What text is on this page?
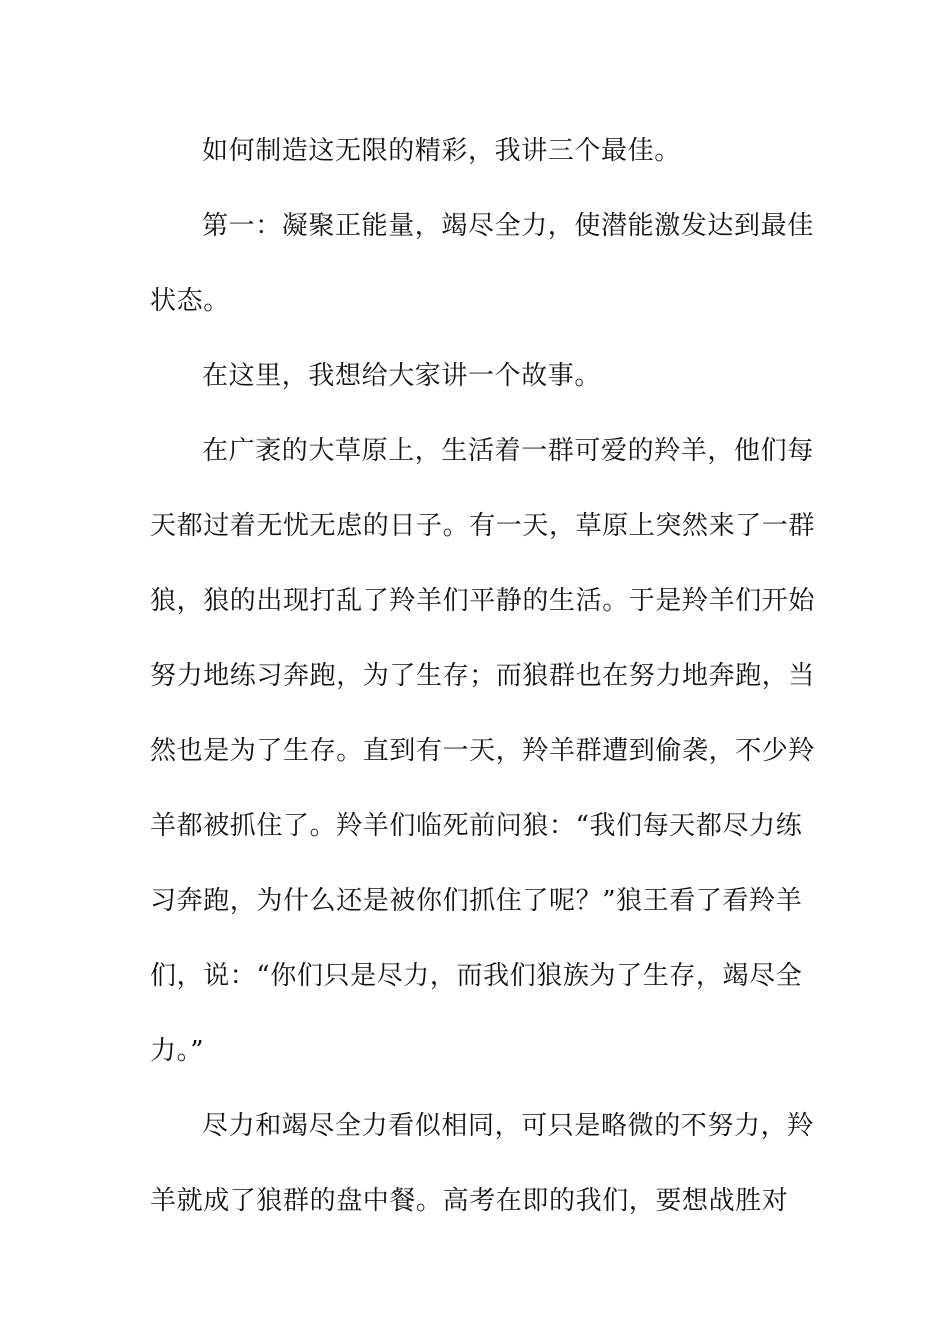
如何制造这无限的精彩，我讲三个最佳。
第一：凝聚正能量，竭尽全力，使潜能激发达到最佳
状态。
在这里，我想给大家讲一个故事。
在广袤的大草原上，生活着一群可爱的羚羊，他们每
天都过着无忧无虑的日子。有一天，草原上突然来了一群
狼，狼的出现打乱了羚羊们平静的生活。于是羚羊们开始
努力地练习奔跑，为了生存；而狼群也在努力地奔跑，当
然也是为了生存。直到有一天，羚羊群遭到偷袭，不少羚
羊都被抓住了。羚羊们临死前问狼：“我们每天都尽力练
习奔跑，为什么还是被你们抓住了呢？”狼王看了看羚羊
们，说：“你们只是尽力，而我们狼族为了生存，竭尽全
力。”
尽力和竭尽全力看似相同，可只是略微的不努力，羚
羊就成了狼群的盘中餐。高考在即的我们，要想战胜对
